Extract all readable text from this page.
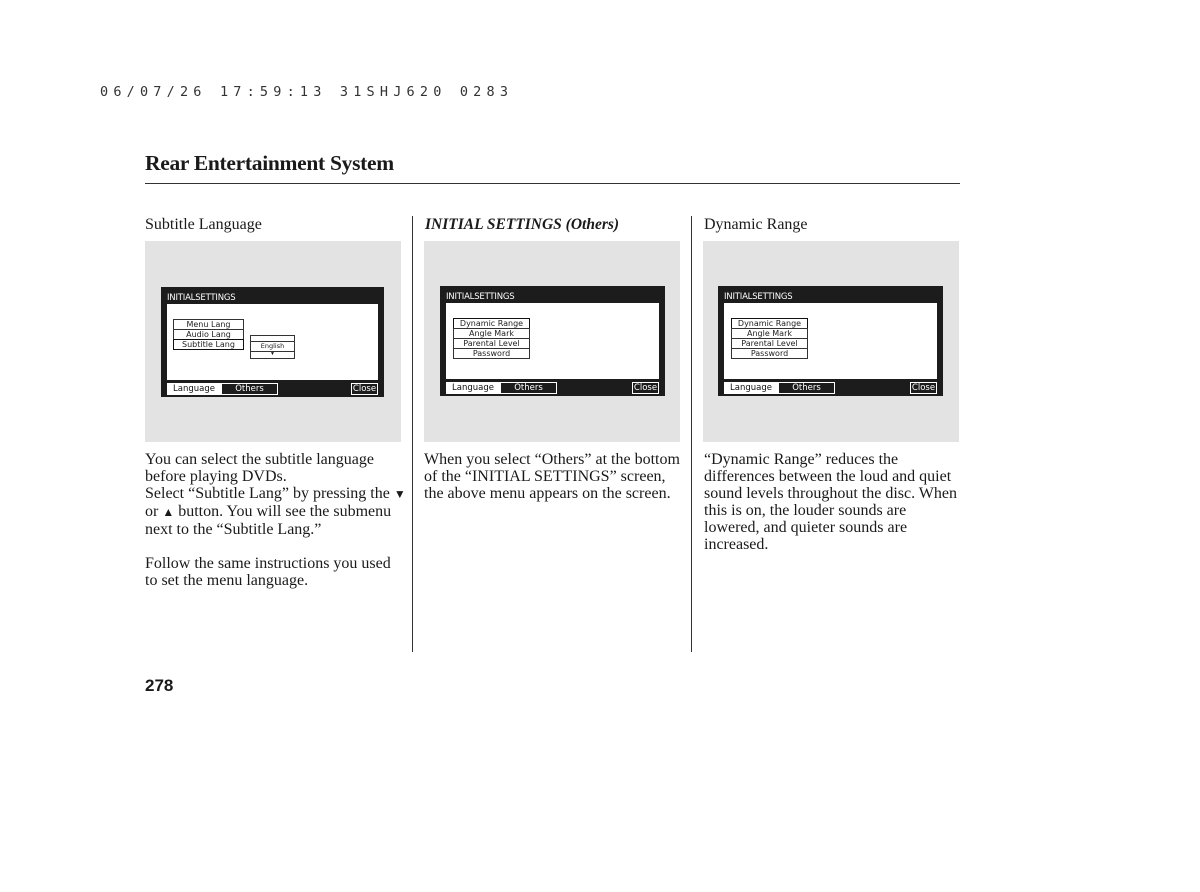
06/07/26 17:59:13 31SHJ620 0283
Rear Entertainment System
Subtitle Language
INITIALSETTINGS
Menu Lang
Audio Lang
Subtitle Lang	English
▼
Language	Others	Close

You can select the subtitle language before playing DVDs.

Select “Subtitle Lang” by pressing the ▼ or ▲ button. You will see the submenu next to the “Subtitle Lang.”

Follow the same instructions you used to set the menu language.

INITIAL SETTINGS (Others)
INITIALSETTINGS
Dynamic Range
Angle Mark
Parental Level
Password
Language	Others	Close

When you select “Others” at the bottom of the “INITIAL SETTINGS” screen, the above menu appears on the screen.

Dynamic Range
INITIALSETTINGS
Dynamic Range
Angle Mark
Parental Level
Password
Language	Others	Close

“Dynamic Range” reduces the differences between the loud and quiet sound levels throughout the disc. When this is on, the louder sounds are lowered, and quieter sounds are increased.

278
